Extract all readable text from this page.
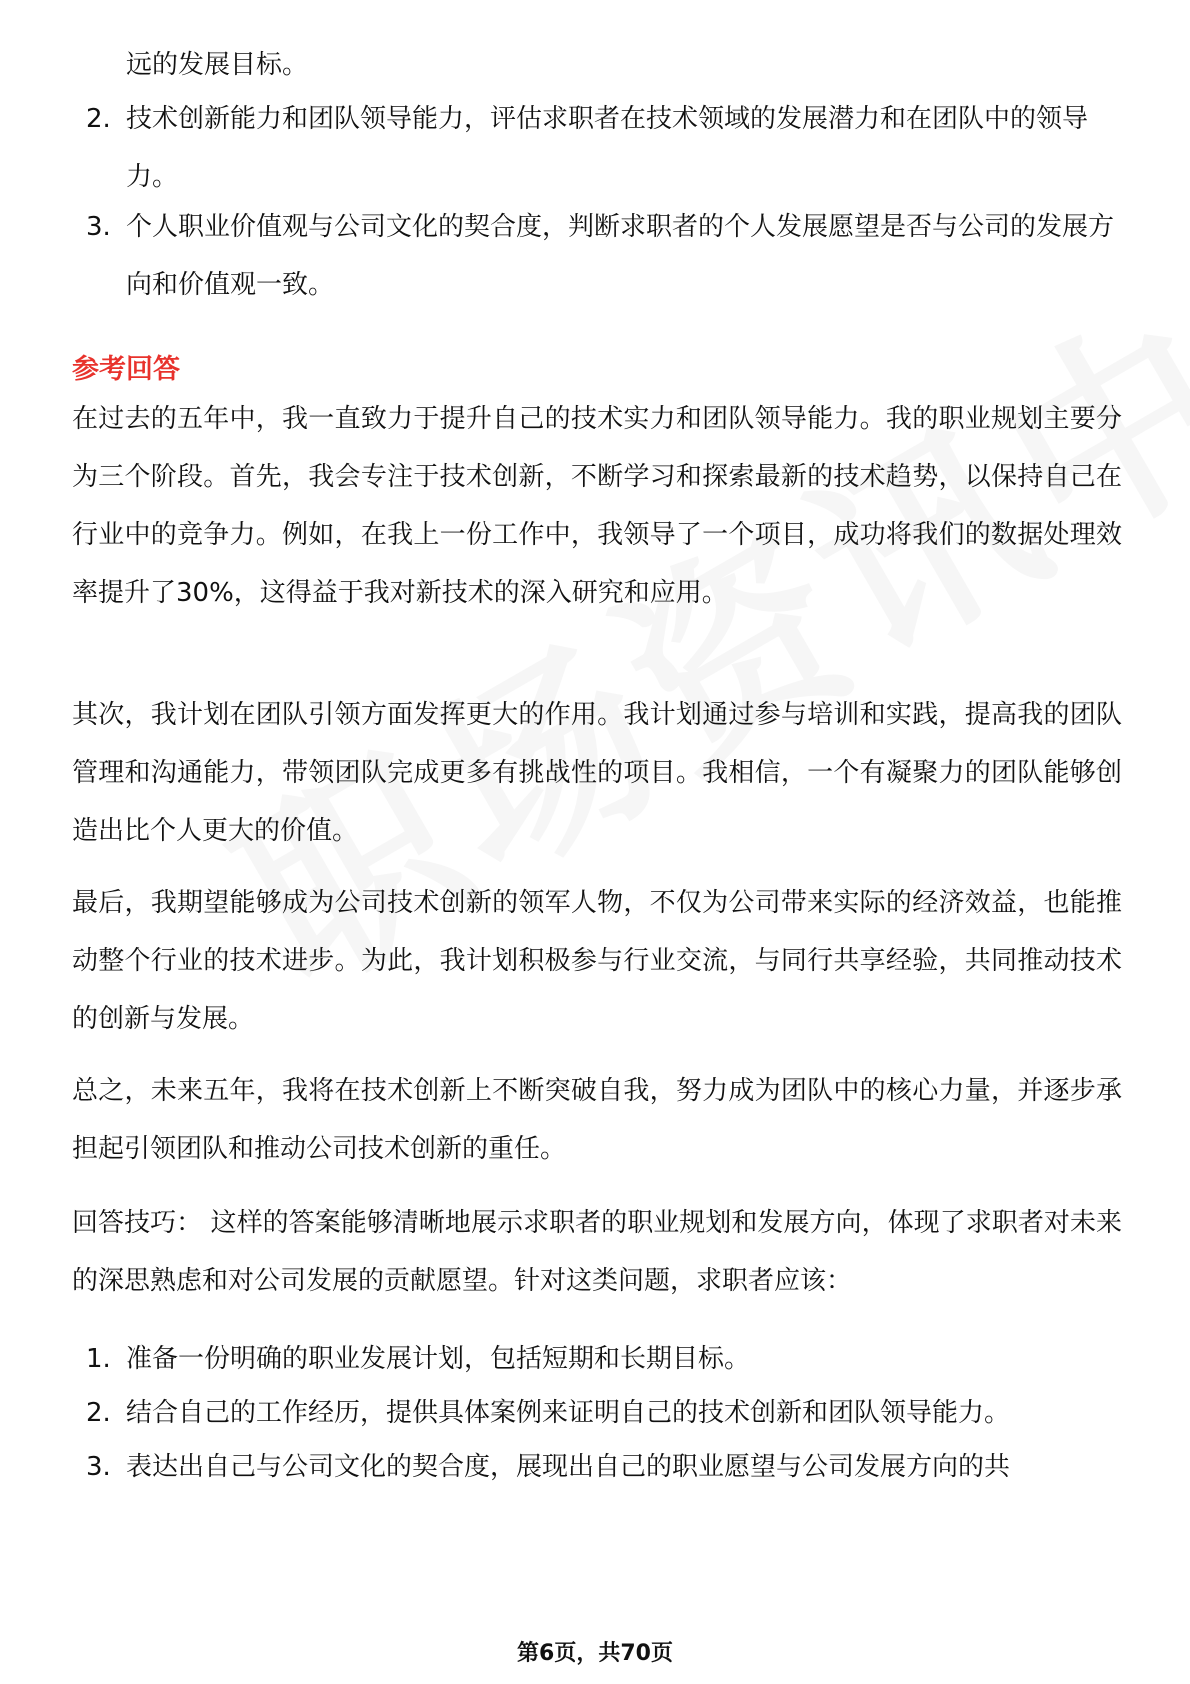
远的发展目标。
2. 技术创新能力和团队领导能力，评估求职者在技术领域的发展潜力和在团队中的领导力。
3. 个人职业价值观与公司文化的契合度，判断求职者的个人发展愿望是否与公司的发展方向和价值观一致。
参考回答
在过去的五年中，我一直致力于提升自己的技术实力和团队领导能力。我的职业规划主要分为三个阶段。首先，我会专注于技术创新，不断学习和探索最新的技术趋势，以保持自己在行业中的竞争力。例如，在我上一份工作中，我领导了一个项目，成功将我们的数据处理效率提升了30%，这得益于我对新技术的深入研究和应用。
其次，我计划在团队引领方面发挥更大的作用。我计划通过参与培训和实践，提高我的团队管理和沟通能力，带领团队完成更多有挑战性的项目。我相信，一个有凝聚力的团队能够创造出比个人更大的价值。
最后，我期望能够成为公司技术创新的领军人物，不仅为公司带来实际的经济效益，也能推动整个行业的技术进步。为此，我计划积极参与行业交流，与同行共享经验，共同推动技术的创新与发展。
总之，未来五年，我将在技术创新上不断突破自我，努力成为团队中的核心力量，并逐步承担起引领团队和推动公司技术创新的重任。
回答技巧： 这样的答案能够清晰地展示求职者的职业规划和发展方向，体现了求职者对未来的深思熟虑和对公司发展的贡献愿望。针对这类问题，求职者应该：
1. 准备一份明确的职业发展计划，包括短期和长期目标。
2. 结合自己的工作经历，提供具体案例来证明自己的技术创新和团队领导能力。
3. 表达出自己与公司文化的契合度，展现出自己的职业愿望与公司发展方向的共
第6页，共70页
